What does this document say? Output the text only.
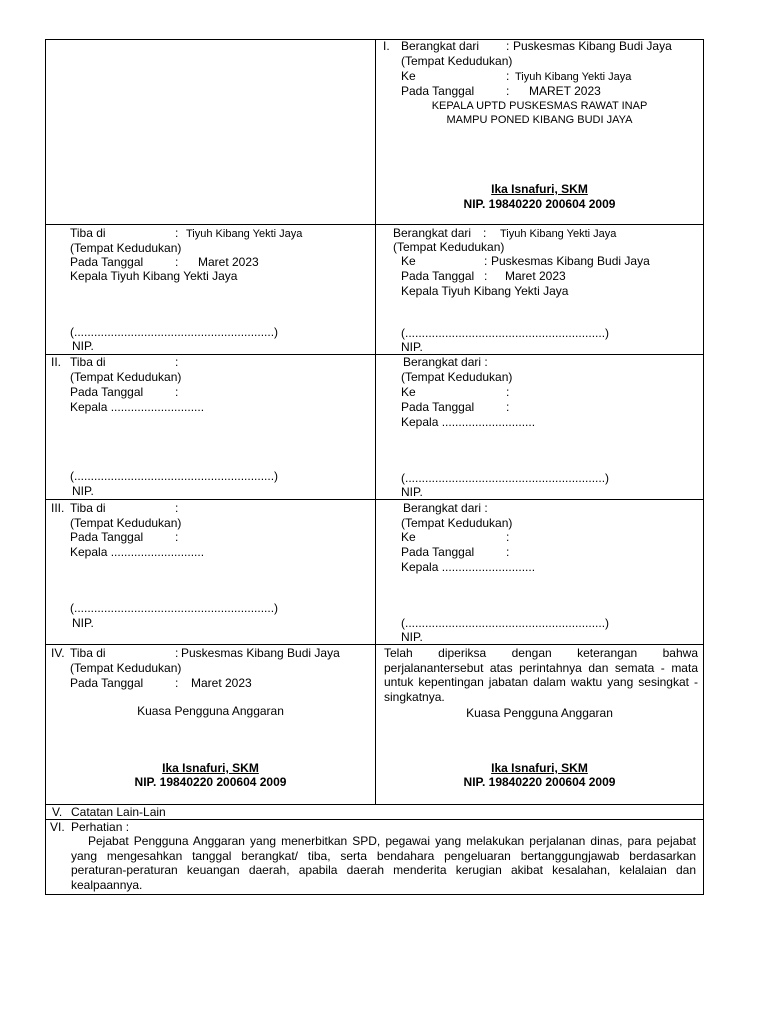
I. Berangkat dari : Puskesmas Kibang Budi Jaya
(Tempat Kedudukan)
Ke	: Tiyuh Kibang Yekti Jaya
Pada Tanggal	: MARET 2023
KEPALA UPTD PUSKESMAS RAWAT INAP
MAMPU PONED KIBANG BUDI JAYA
Ika Isnafuri, SKM
NIP. 19840220 200604 2009
Tiba di	: Tiyuh Kibang Yekti Jaya
(Tempat Kedudukan)
Pada Tanggal	: Maret 2023
Kepala Tiyuh Kibang Yekti Jaya
(............................................................)
NIP.
Berangkat dari : Tiyuh Kibang Yekti Jaya
(Tempat Kedudukan)
Ke	: Puskesmas Kibang Budi Jaya
Pada Tanggal : Maret 2023
Kepala Tiyuh Kibang Yekti Jaya
(............................................................)
NIP.
II. Tiba di	:
(Tempat Kedudukan)
Pada Tanggal	:
Kepala ............................
(............................................................)
NIP.
Berangkat dari :
(Tempat Kedudukan)
Ke	:
Pada Tanggal	:
Kepala ............................
(............................................................)
NIP.
III. Tiba di	:
(Tempat Kedudukan)
Pada Tanggal	:
Kepala ............................
(............................................................)
NIP.
Berangkat dari :
(Tempat Kedudukan)
Ke	:
Pada Tanggal	:
Kepala ............................
(............................................................)
NIP.
IV. Tiba di	: Puskesmas Kibang Budi Jaya
(Tempat Kedudukan)
Pada Tanggal	: Maret 2023
Kuasa Pengguna Anggaran
Ika Isnafuri, SKM
NIP. 19840220 200604 2009
Telah diperiksa dengan keterangan bahwa perjalanantersebut atas perintahnya dan semata - mata untuk kepentingan jabatan dalam waktu yang sesingkat - singkatnya.
Kuasa Pengguna Anggaran
Ika Isnafuri, SKM
NIP. 19840220 200604 2009
V. Catatan Lain-Lain
VI. Perhatian :
Pejabat Pengguna Anggaran yang menerbitkan SPD, pegawai yang melakukan perjalanan dinas, para pejabat yang mengesahkan tanggal berangkat/ tiba, serta bendahara pengeluaran bertanggungjawab berdasarkan peraturan-peraturan keuangan daerah, apabila daerah menderita kerugian akibat kesalahan, kelalaian dan kealpaannya.
